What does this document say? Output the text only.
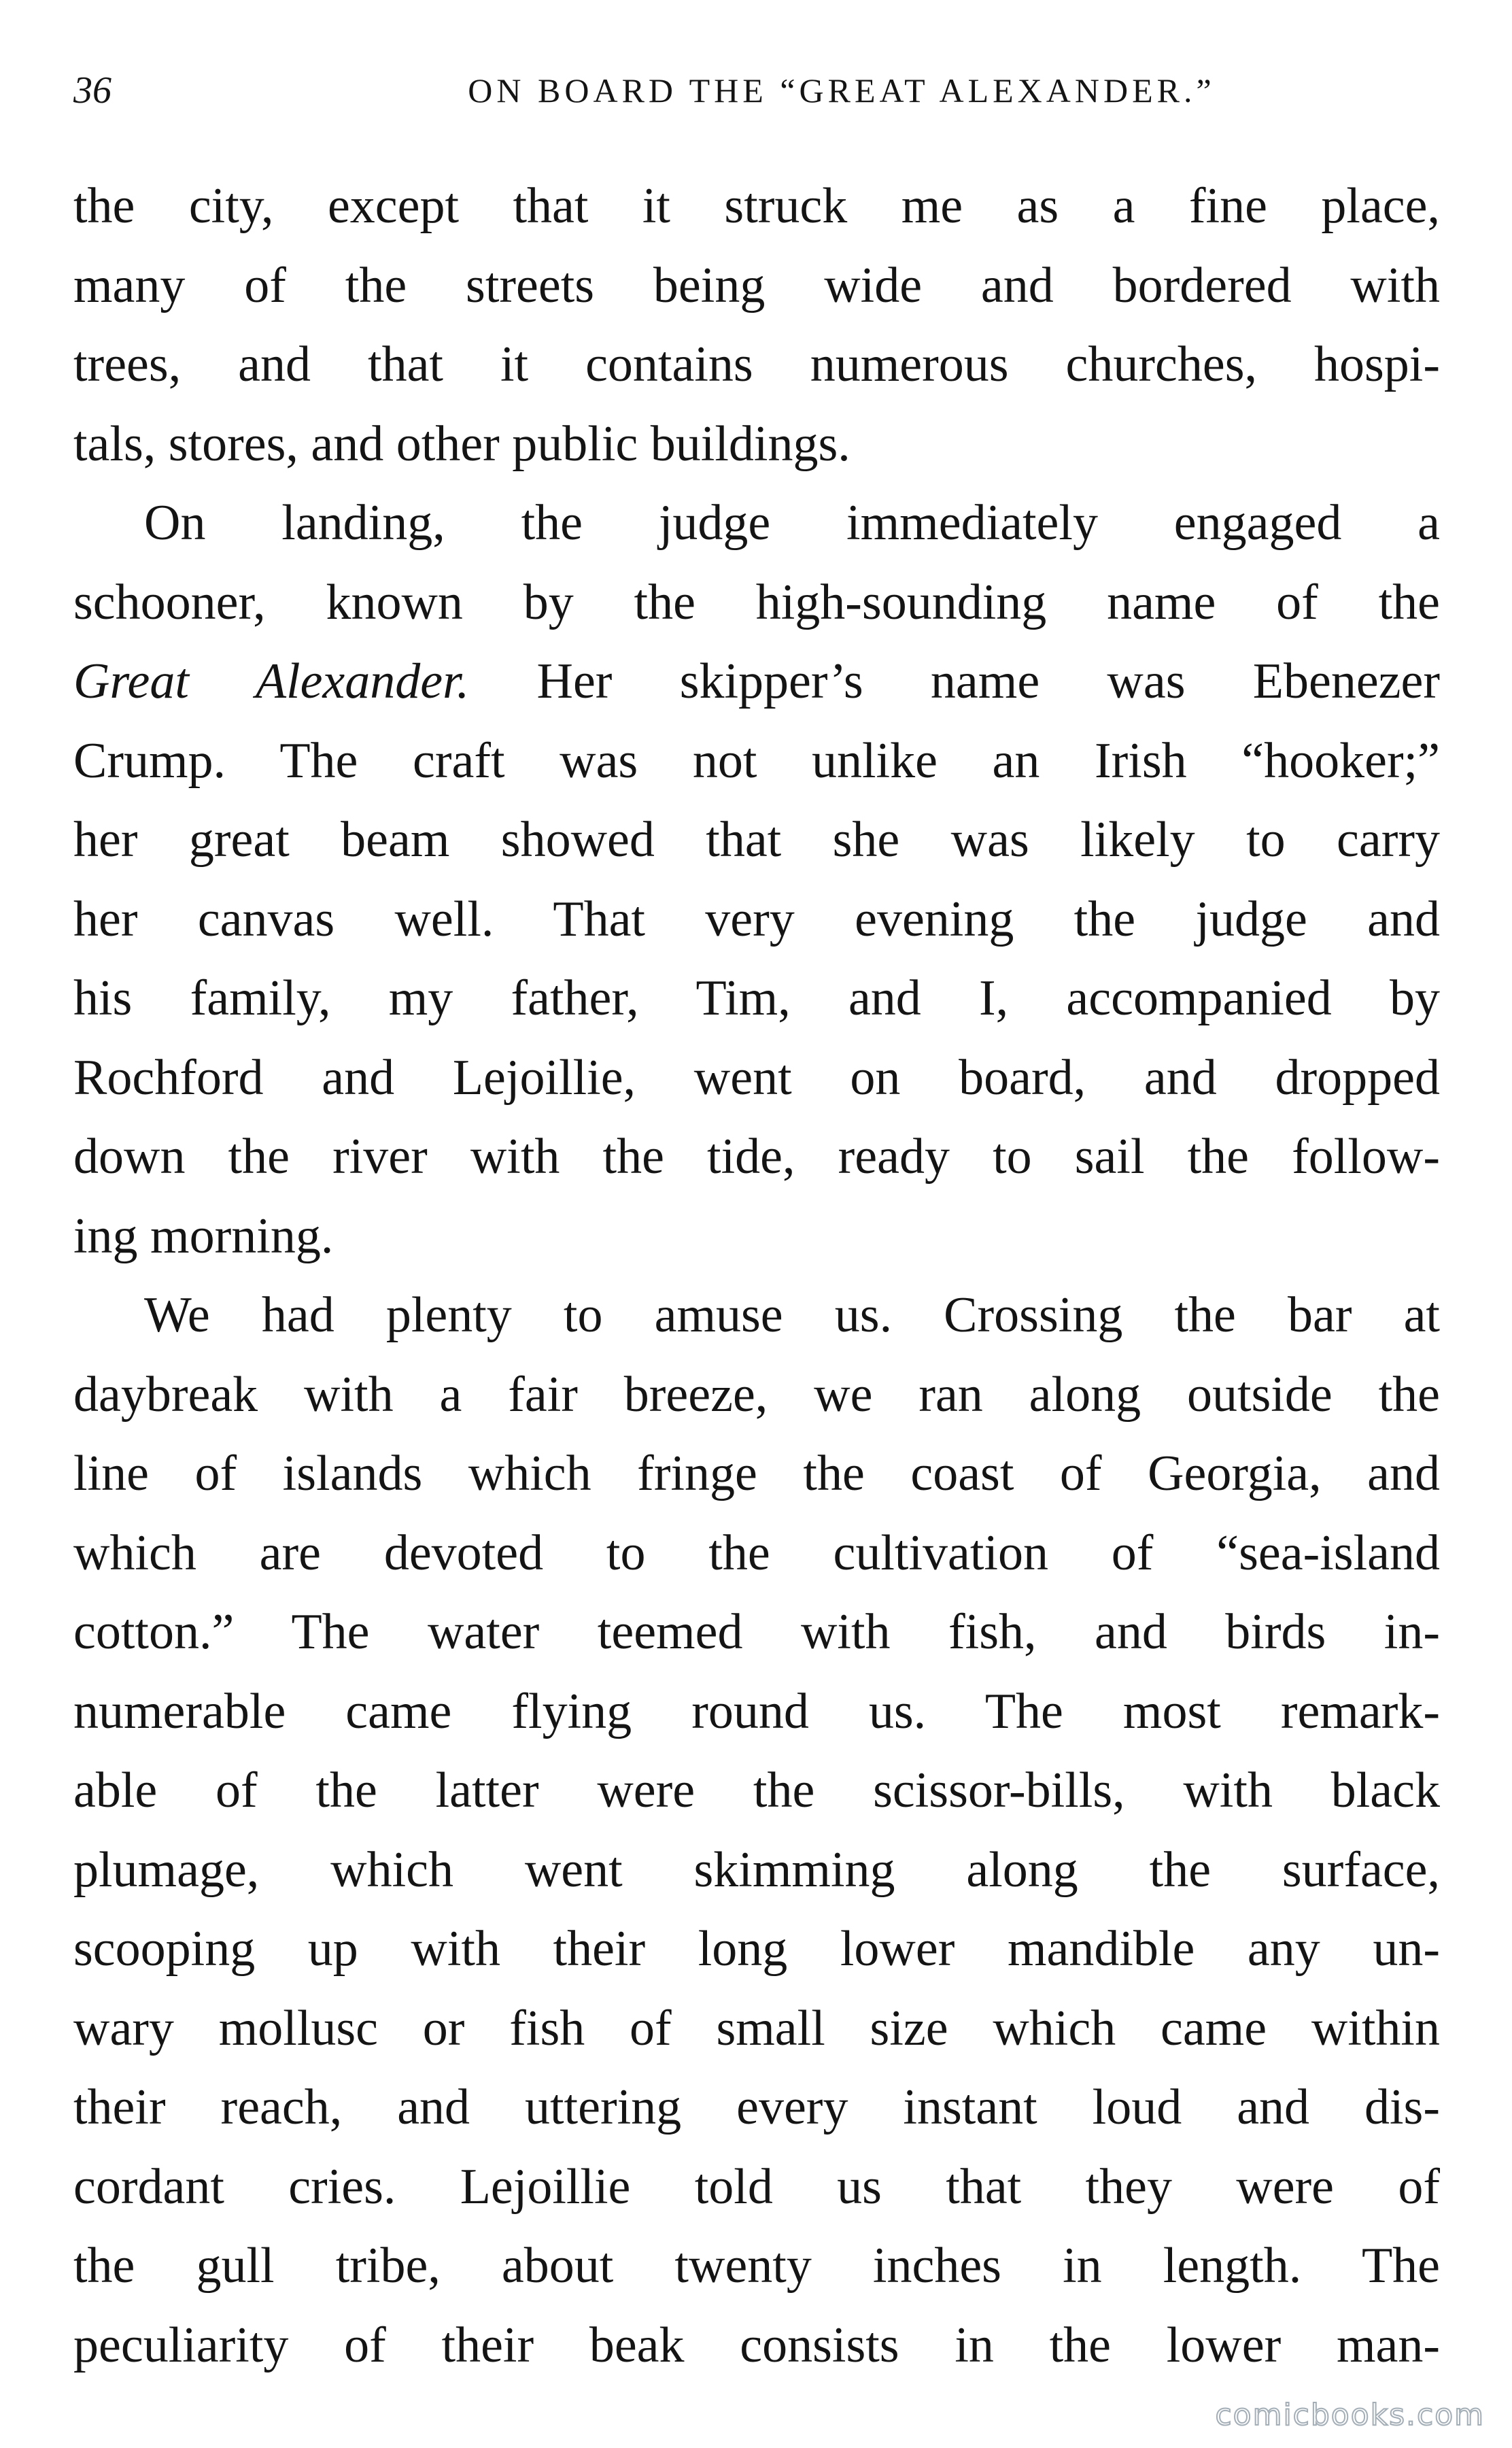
36	ON BOARD THE “GREAT ALEXANDER.”
the city, except that it struck me as a fine place,
many of the streets being wide and bordered with
trees, and that it contains numerous churches, hospi-
tals, stores, and other public buildings.
On landing, the judge immediately engaged a
schooner, known by the high-sounding name of the
Great Alexander. Her skipper’s name was Ebenezer
Crump. The craft was not unlike an Irish “hooker;”
her great beam showed that she was likely to carry
her canvas well. That very evening the judge and
his family, my father, Tim, and I, accompanied by
Rochford and Lejoillie, went on board, and dropped
down the river with the tide, ready to sail the follow-
ing morning.
We had plenty to amuse us. Crossing the bar at
daybreak with a fair breeze, we ran along outside the
line of islands which fringe the coast of Georgia, and
which are devoted to the cultivation of “sea-island
cotton.” The water teemed with fish, and birds in-
numerable came flying round us. The most remark-
able of the latter were the scissor-bills, with black
plumage, which went skimming along the surface,
scooping up with their long lower mandible any un-
wary mollusc or fish of small size which came within
their reach, and uttering every instant loud and dis-
cordant cries. Lejoillie told us that they were of
the gull tribe, about twenty inches in length. The
peculiarity of their beak consists in the lower man-
comicbooks.com
